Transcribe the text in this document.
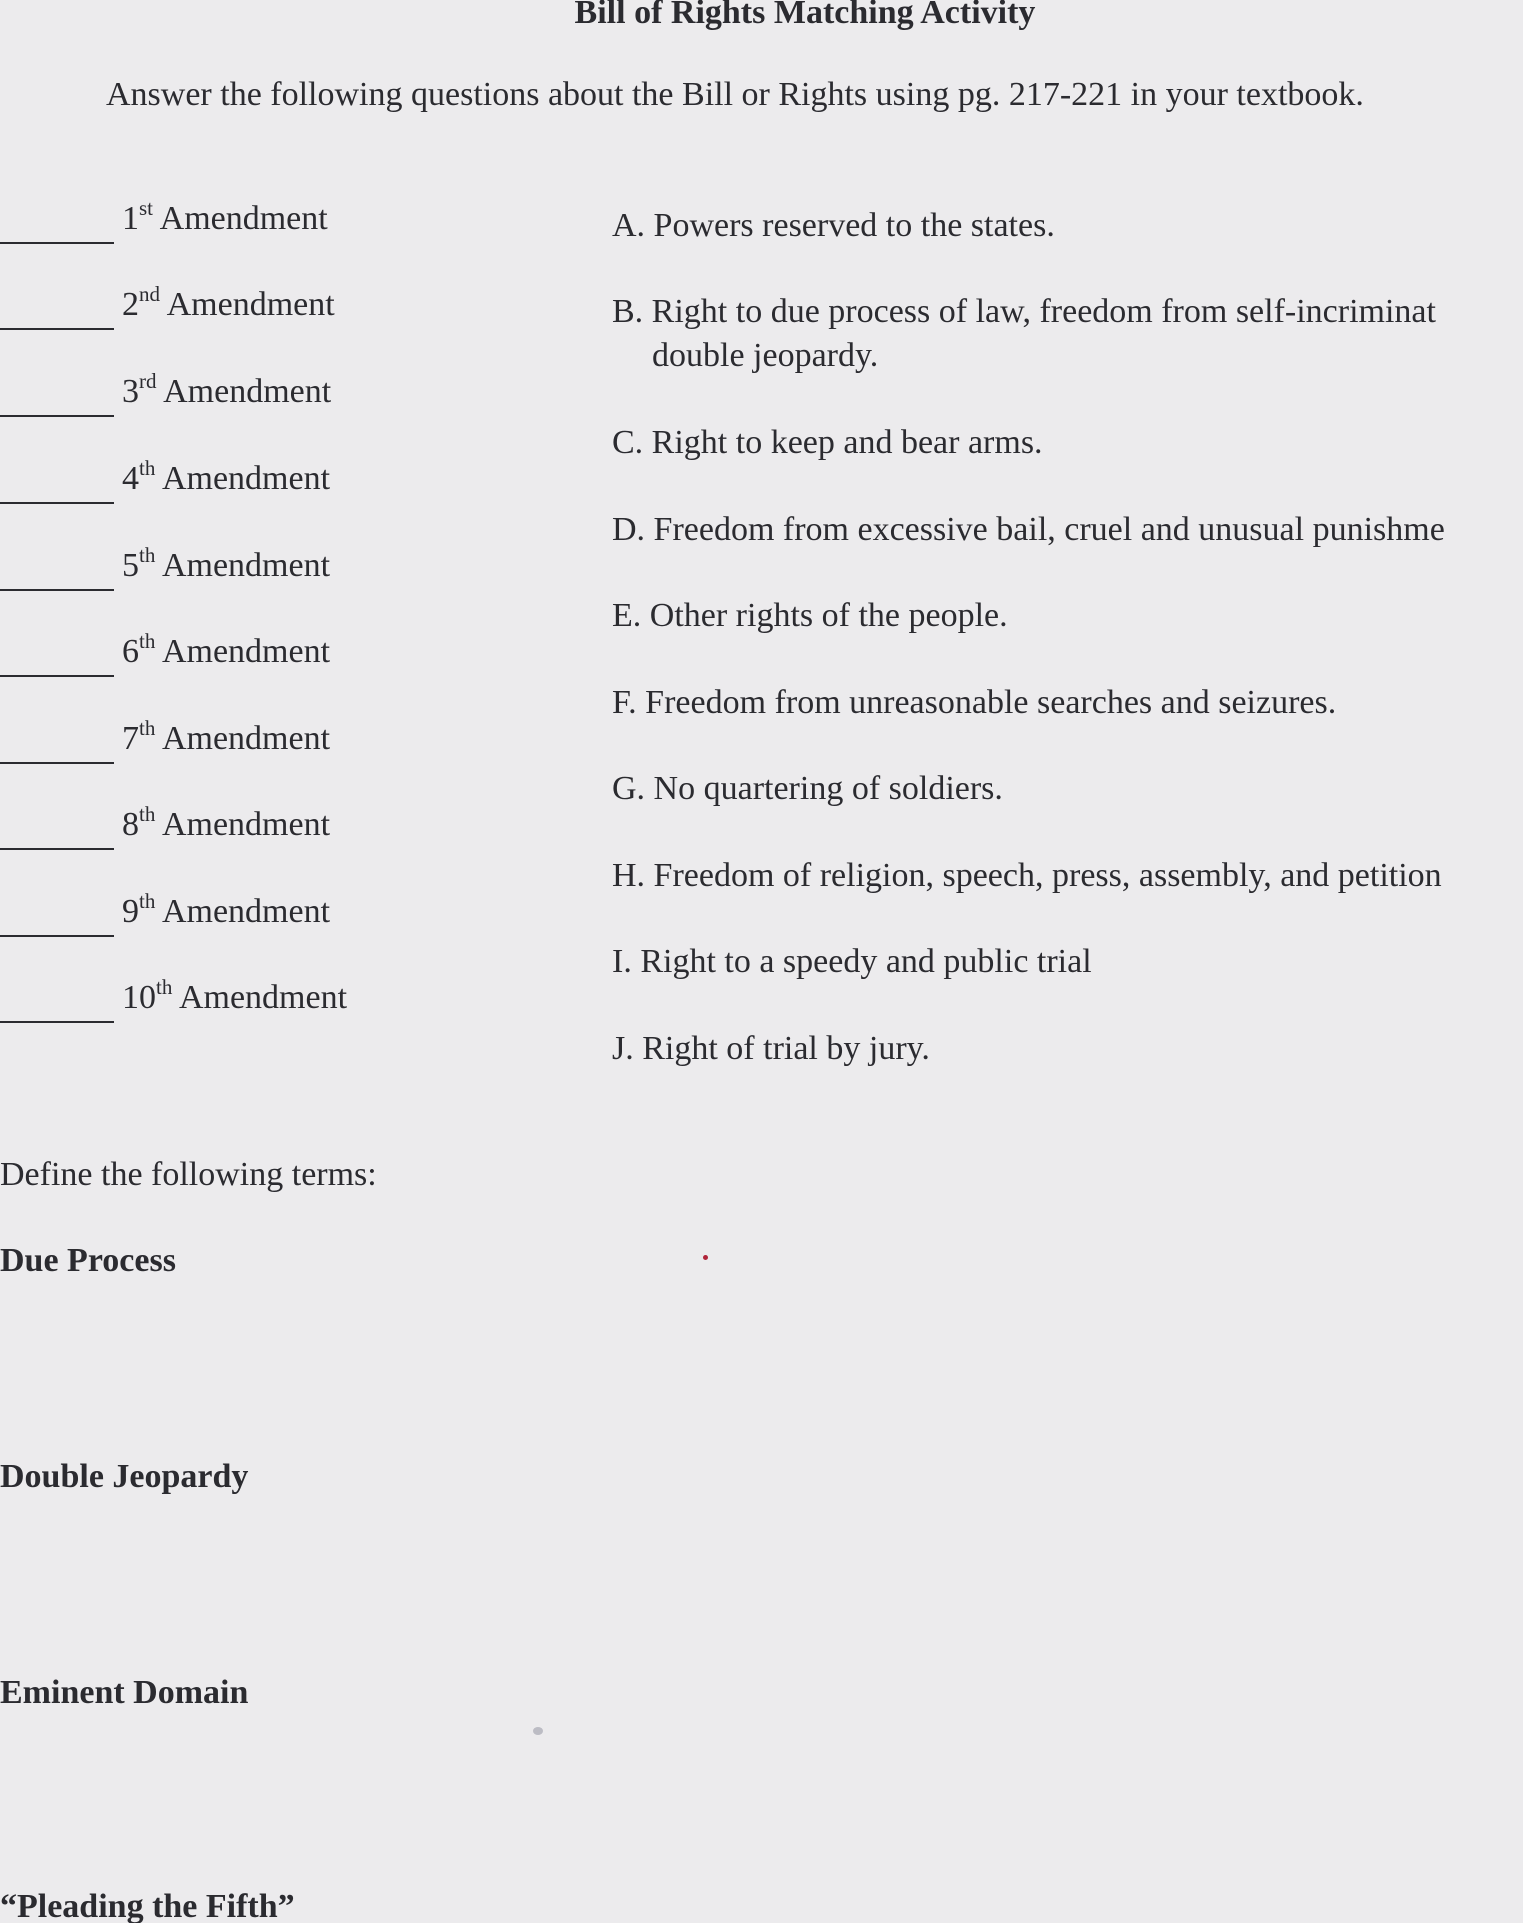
Bill of Rights Matching Activity
Answer the following questions about the Bill or Rights using pg. 217-221 in your textbook.
1st Amendment
2nd Amendment
3rd Amendment
4th Amendment
5th Amendment
6th Amendment
7th Amendment
8th Amendment
9th Amendment
10th Amendment
A. Powers reserved to the states.
B. Right to due process of law, freedom from self-incriminat
double jeopardy.
C. Right to keep and bear arms.
D. Freedom from excessive bail, cruel and unusual punishme
E. Other rights of the people.
F. Freedom from unreasonable searches and seizures.
G. No quartering of soldiers.
H. Freedom of religion, speech, press, assembly, and petition
I. Right to a speedy and public trial
J. Right of trial by jury.
Define the following terms:
Due Process
Double Jeopardy
Eminent Domain
“Pleading the Fifth”
